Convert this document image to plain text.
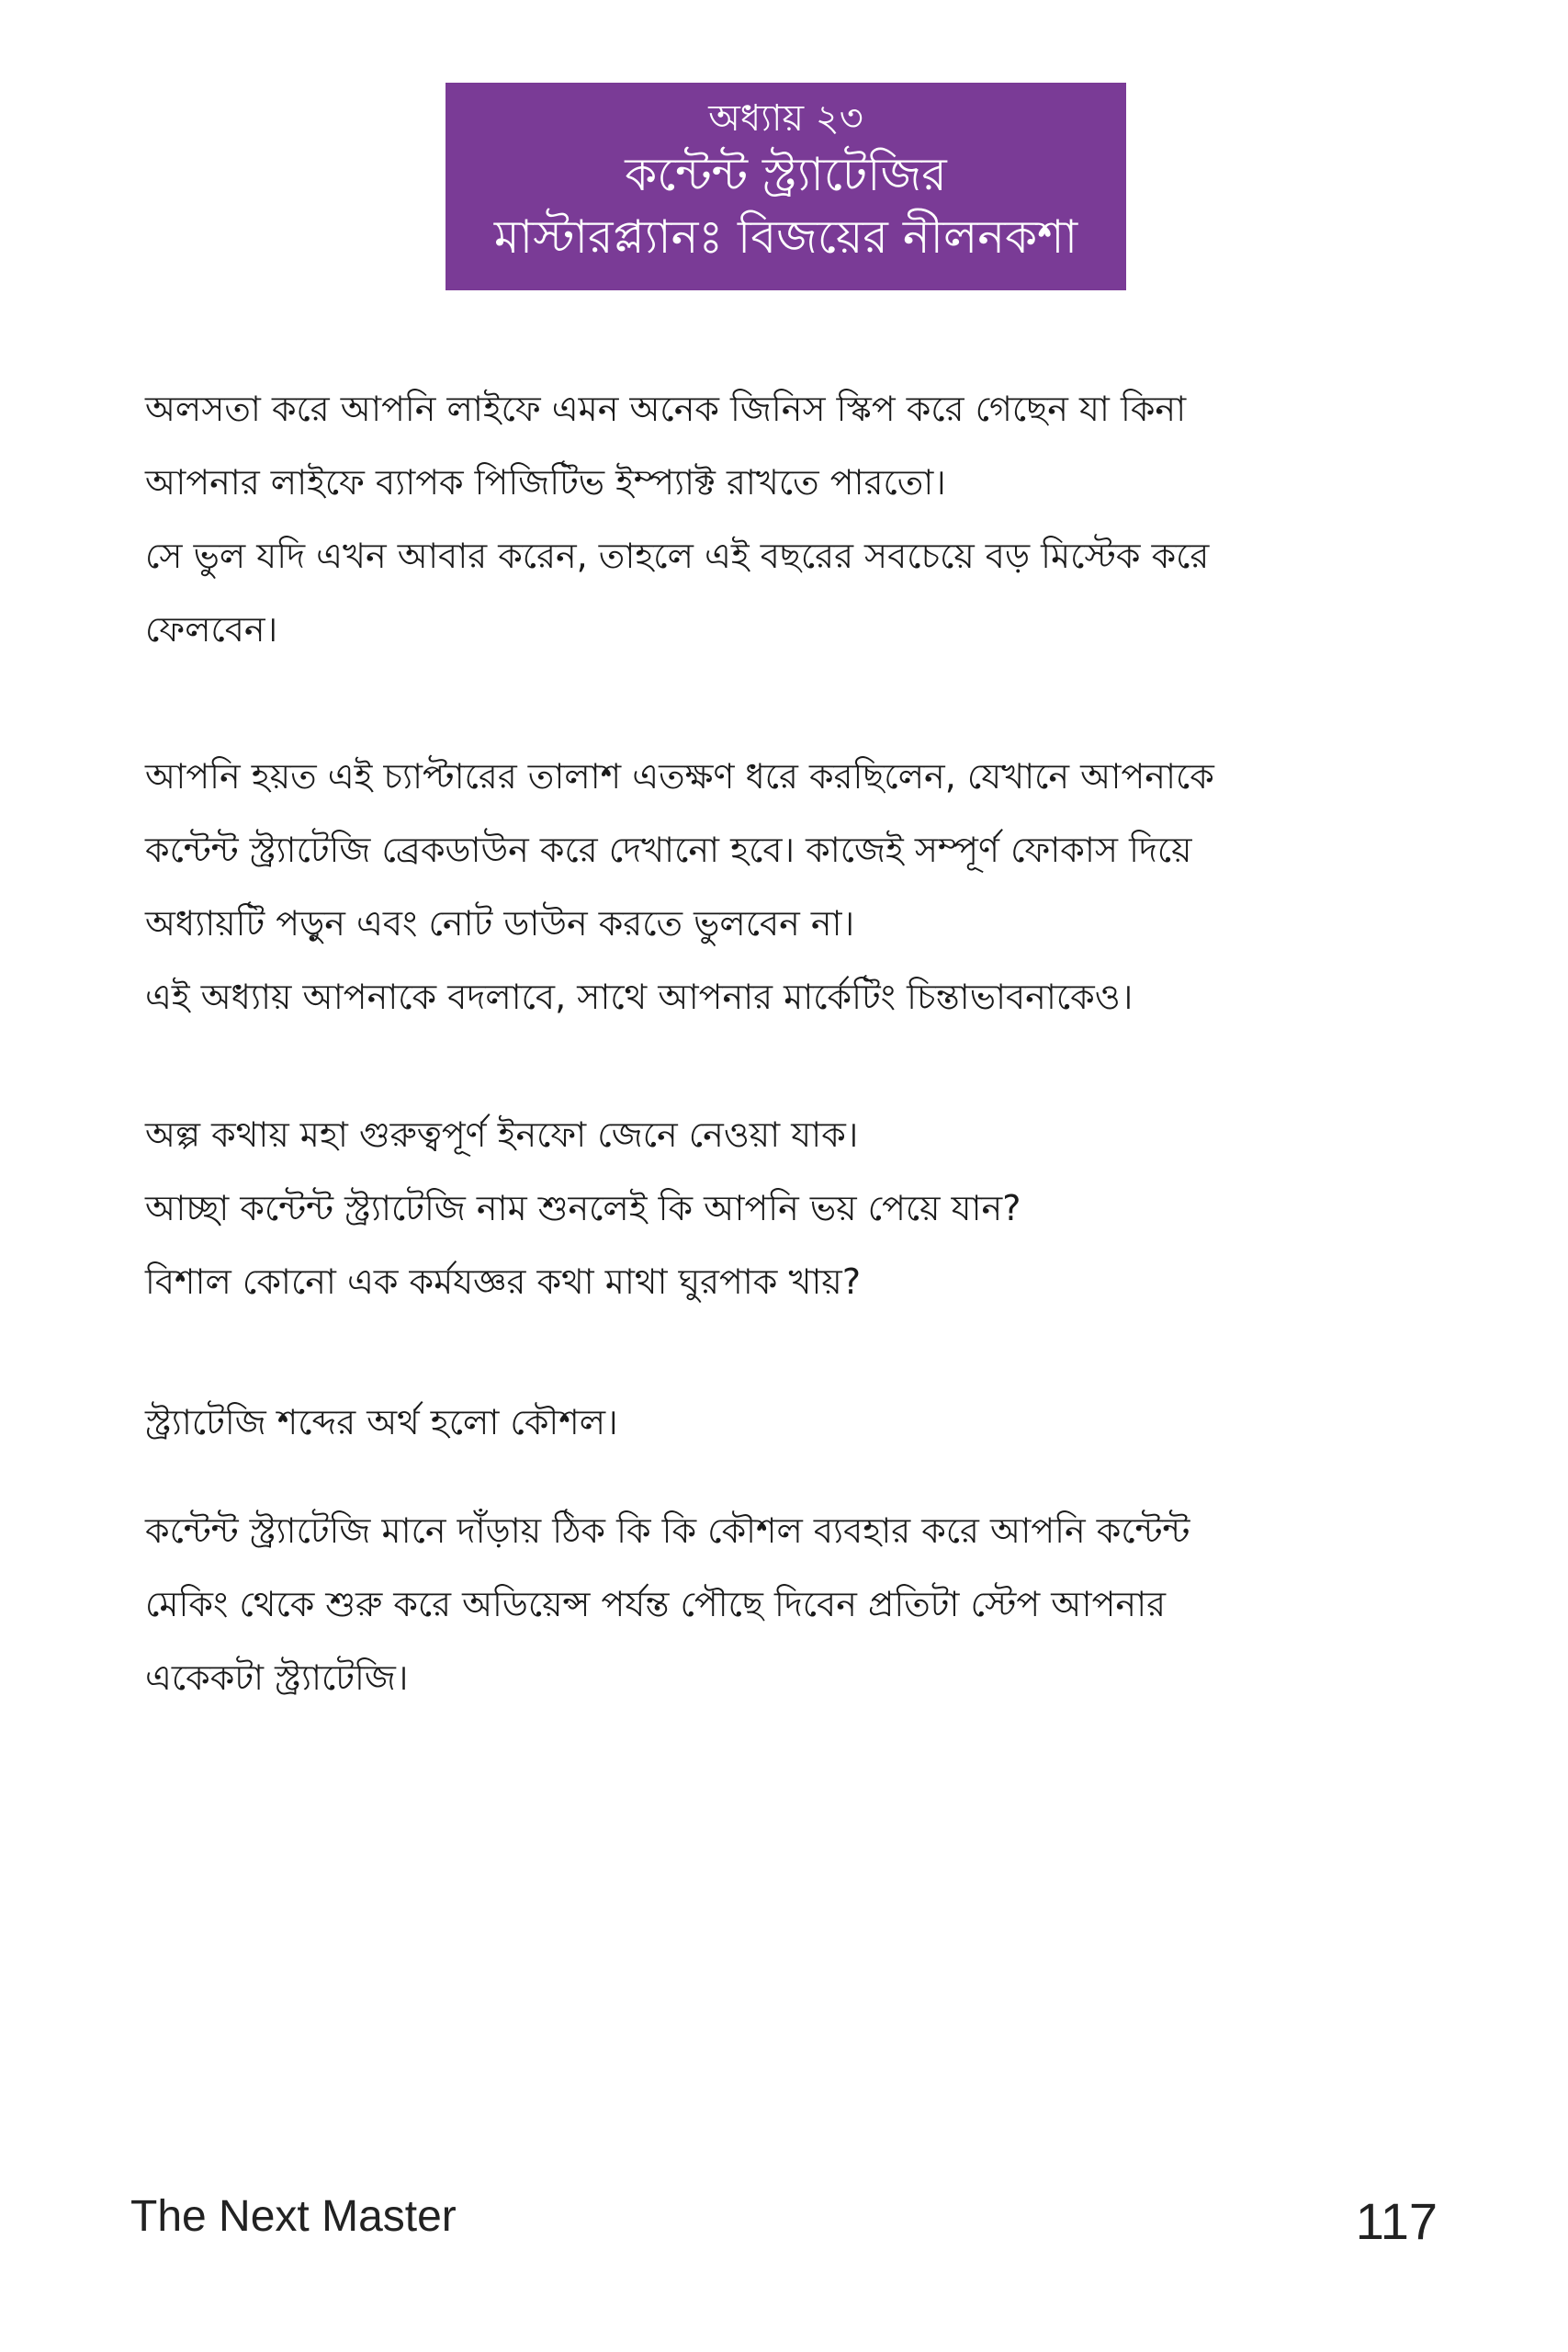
অধ্যায় ২৩
কন্টেন্ট স্ট্র্যাটেজির
মাস্টারপ্ল্যানঃ বিজয়ের নীলনকশা
অলসতা করে আপনি লাইফে এমন অনেক জিনিস স্কিপ করে গেছেন যা কিনা
আপনার লাইফে ব্যাপক পিজিটিভ ইম্প্যাক্ট রাখতে পারতো।
সে ভুল যদি এখন আবার করেন, তাহলে এই বছরের সবচেয়ে বড় মিস্টেক করে
ফেলবেন।
আপনি হয়ত এই চ্যাপ্টারের তালাশ এতক্ষণ ধরে করছিলেন, যেখানে আপনাকে
কন্টেন্ট স্ট্র্যাটেজি ব্রেকডাউন করে দেখানো হবে। কাজেই সম্পূর্ণ ফোকাস দিয়ে
অধ্যায়টি পড়ুন এবং নোট ডাউন করতে ভুলবেন না।
এই অধ্যায় আপনাকে বদলাবে, সাথে আপনার মার্কেটিং চিন্তাভাবনাকেও।
অল্প কথায় মহা গুরুত্বপূর্ণ ইনফো জেনে নেওয়া যাক।
আচ্ছা কন্টেন্ট স্ট্র্যাটেজি নাম শুনলেই কি আপনি ভয় পেয়ে যান?
বিশাল কোনো এক কর্মযজ্ঞর কথা মাথা ঘুরপাক খায়?
স্ট্র্যাটেজি শব্দের অর্থ হলো কৌশল।
কন্টেন্ট স্ট্র্যাটেজি মানে দাঁড়ায় ঠিক কি কি কৌশল ব্যবহার করে আপনি কন্টেন্ট
মেকিং থেকে শুরু করে অডিয়েন্স পর্যন্ত পৌছে দিবেন প্রতিটা স্টেপ আপনার
একেকটা স্ট্র্যাটেজি।
The Next Master	117
